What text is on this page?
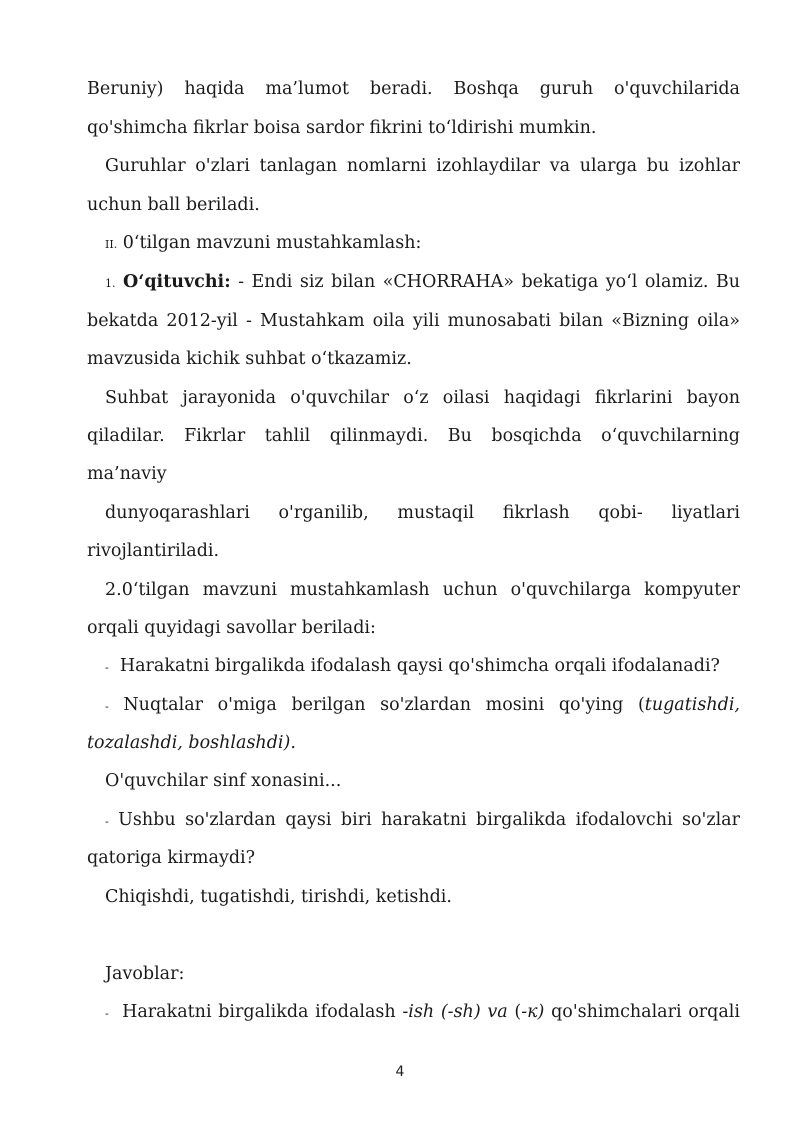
Beruniy) haqida ma’lumot beradi. Boshqa guruh o'quvchilarida
qo'shimcha fikrlar boisa sardor fikrini to‘ldirishi mumkin.
Guruhlar o'zlari tanlagan nomlarni izohlaydilar va ularga bu izohlar
uchun ball beriladi.
II. 0‘tilgan mavzuni mustahkamlash:
1. O‘qituvchi: - Endi siz bilan «CHORRAHA» bekatiga yo‘l olamiz. Bu
bekatda 2012-yil - Mustahkam oila yili munosabati bilan «Bizning oila»
mavzusida kichik suhbat o‘tkazamiz.
Suhbat jarayonida o'quvchilar o‘z oilasi haqidagi fikrlarini bayon
qiladilar. Fikrlar tahlil qilinmaydi. Bu bosqichda o‘quvchilarning
ma’naviy
dunyoqarashlari o'rganilib, mustaqil fikrlash qobi- liyatlari
rivojlantiriladi.
2.0‘tilgan mavzuni mustahkamlash uchun o'quvchilarga kompyuter
orqali quyidagi savollar beriladi:
- Harakatni birgalikda ifodalash qaysi qo'shimcha orqali ifodalanadi?
- Nuqtalar o'miga berilgan so'zlardan mosini qo'ying (tugatishdi,
tozalashdi, boshlashdi).
O'quvchilar sinf xonasini...
- Ushbu so'zlardan qaysi biri harakatni birgalikda ifodalovchi so'zlar
qatoriga kirmaydi?
Chiqishdi, tugatishdi, tirishdi, ketishdi.
Javoblar:
- Harakatni birgalikda ifodalash -ish (-sh) va (-к) qo'shimchalari orqali
4
